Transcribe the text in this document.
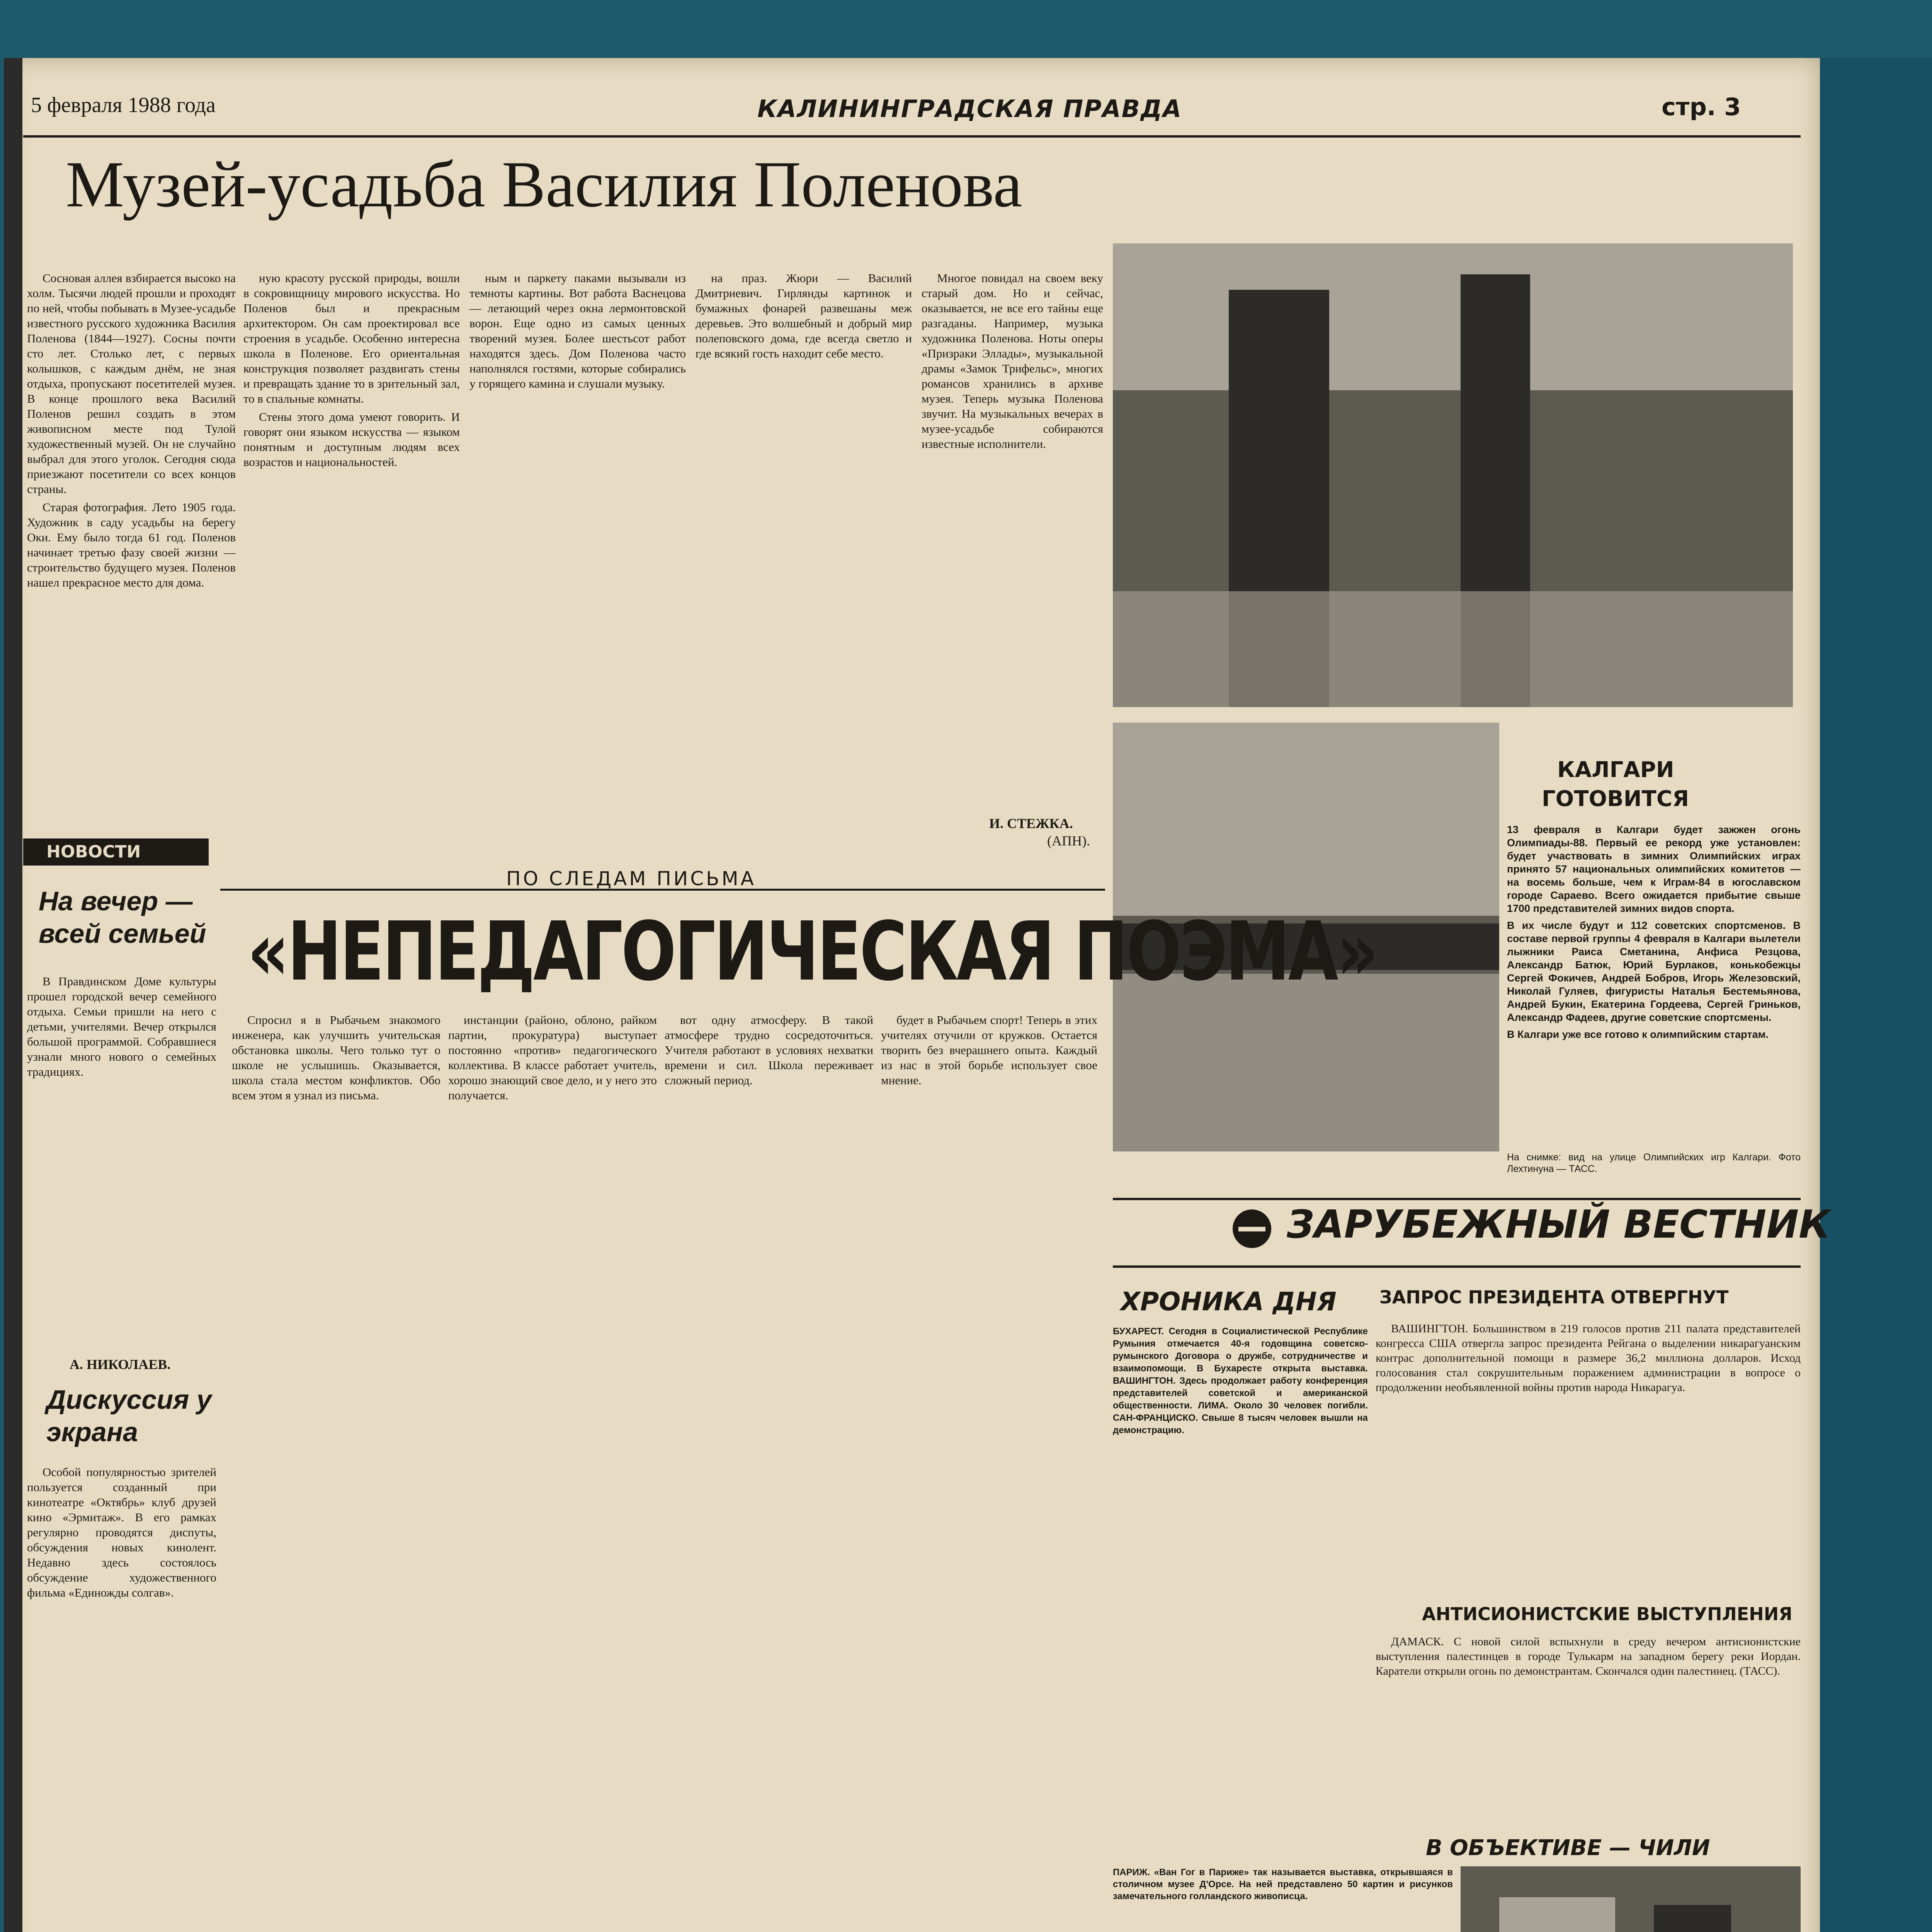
5 февраля 1988 года	КАЛИНИНГРАДСКАЯ ПРАВДА	стр. 3
Музей-усадьба Василия Поленова

Сосновая аллея взбирается высоко на холм. Тысячи людей прошли и проходят по ней, чтобы побывать в Музее-усадьбе известного русского художника Василия Поленова (1844—1927). Сосны почти сто лет. Столько лет, с первых колышков, с каждым днём, не зная отдыха, пропускают посетителей музея. В конце прошлого века Василий Поленов решил создать в этом живописном месте под Тулой художественный музей. Он не случайно выбрал для этого уголок. Сегодня сюда приезжают посетители со всех концов страны.

Старая фотография. Лето 1905 года. Художник в саду усадьбы на берегу Оки. Ему было тогда 61 год. Поленов начинает третью фазу своей жизни — строительство будущего музея. Поленов нашел прекрасное место для дома.

ную красоту русской природы, вошли в сокровищницу мирового искусства. Но Поленов был и прекрасным архитектором. Он сам проектировал все строения в усадьбе. Особенно интересна школа в Поленове. Его ориентальная конструкция позволяет раздвигать стены и превращать здание то в зрительный зал, то в спальные комнаты.

Стены этого дома умеют говорить. И говорят они языком искусства — языком понятным и доступным людям всех возрастов и национальностей.

ным и паркету паками вызывали из темноты картины. Вот работа Васнецова — летающий через окна лермонтовской ворон. Еще одно из самых ценных творений музея. Более шестьсот работ находятся здесь. Дом Поленова часто наполнялся гостями, которые собирались у горящего камина и слушали музыку.

на праз. Жюри — Василий Дмитриевич. Гирлянды картинок и бумажных фонарей развешаны меж деревьев. Это волшебный и добрый мир полеповского дома, где всегда светло и где всякий гость находит себе место.

Многое повидал на своем веку старый дом. Но и сейчас, оказывается, не все его тайны еще разгаданы. Например, музыка художника Поленова. Ноты оперы «Призраки Эллады», музыкальной драмы «Замок Трифельс», многих романсов хранились в архиве музея. Теперь музыка Поленова звучит. На музыкальных вечерах в музее-усадьбе собираются известные исполнители.

И. СТЕЖКА.
(АПН).
КАЛГАРИ
ГОТОВИТСЯ
13 февраля в Калгари будет зажжен огонь Олимпиады-88. Первый ее рекорд уже установлен: будет участвовать в зимних Олимпийских играх принято 57 национальных олимпийских комитетов — на восемь больше, чем к Играм-84 в югославском городе Сараево. Всего ожидается прибытие свыше 1700 представителей зимних видов спорта.
В их числе будут и 112 советских спортсменов. В составе первой группы 4 февраля в Калгари вылетели лыжники Раиса Сметанина, Анфиса Резцова, Александр Батюк, Юрий Бурлаков, конькобежцы Сергей Фокичев, Андрей Бобров, Игорь Железовский, Николай Гуляев, фигуристы Наталья Бестемьянова, Андрей Букин, Екатерина Гордеева, Сергей Гриньков, Александр Фадеев, другие советские спортсмены.
В Калгари уже все готово к олимпийским стартам.
На снимке: вид на улице Олимпийских игр Калгари. Фото Лехтинуна — ТАСС.
НОВОСТИ
На вечер — всей семьей

В Правдинском Доме культуры прошел городской вечер семейного отдыха. Семьи пришли на него с детьми, учителями. Вечер открылся большой программой. Собравшиеся узнали много нового о семейных традициях.

А. НИКОЛАЕВ.
Дискуссия у экрана

Особой популярностью зрителей пользуется созданный при кинотеатре «Октябрь» клуб друзей кино «Эрмитаж». В его рамках регулярно проводятся диспуты, обсуждения новых кинолент. Недавно здесь состоялось обсуждение художественного фильма «Единожды солгав».

ПО СЛЕДАМ ПИСЬМА
«НЕПЕДАГОГИЧЕСКАЯ ПОЭМА»

Спросил я в Рыбачьем знакомого инженера, как улучшить учительская обстановка школы. Чего только тут о школе не услышишь. Оказывается, школа стала местом конфликтов. Обо всем этом я узнал из письма.

инстанции (районо, облоно, райком партии, прокуратура) выступает постоянно «против» педагогического коллектива. В классе работает учитель, хорошо знающий свое дело, и у него это получается.

вот одну атмосферу. В такой атмосфере трудно сосредоточиться. Учителя работают в условиях нехватки времени и сил. Школа переживает сложный период.

будет в Рыбачьем спорт! Теперь в этих учителях отучили от кружков. Остается творить без вчерашнего опыта. Каждый из нас в этой борьбе использует свое мнение.

ЗАРУБЕЖНЫЙ ВЕСТНИК
ХРОНИКА ДНЯ
БУХАРЕСТ. Сегодня в Социалистической Республике Румыния отмечается 40-я годовщина советско-румынского Договора о дружбе, сотрудничестве и взаимопомощи. В Бухаресте открыта выставка. ВАШИНГТОН. Здесь продолжает работу конференция представителей советской и американской общественности. ЛИМА. Около 30 человек погибли. САН-ФРАНЦИСКО. Свыше 8 тысяч человек вышли на демонстрацию.
ЗАПРОС ПРЕЗИДЕНТА ОТВЕРГНУТ

ВАШИНГТОН. Большинством в 219 голосов против 211 палата представителей конгресса США отвергла запрос президента Рейгана о выделении никарагуанским контрас дополнительной помощи в размере 36,2 миллиона долларов. Исход голосования стал сокрушительным поражением администрации в вопросе о продолжении необъявленной войны против народа Никарагуа.

АНТИСИОНИСТСКИЕ ВЫСТУПЛЕНИЯ

ДАМАСК. С новой силой вспыхнули в среду вечером антисионистские выступления палестинцев в городе Тулькарм на западном берегу реки Иордан. Каратели открыли огонь по демонстрантам. Скончался один палестинец. (ТАСС).

В ОБЪЕКТИВЕ — ЧИЛИ
ПАРИЖ. «Ван Гог в Париже» так называется выставка, открывшаяся в столичном музее Д'Орсе. На ней представлено 50 картин и рисунков замечательного голландского живописца.
